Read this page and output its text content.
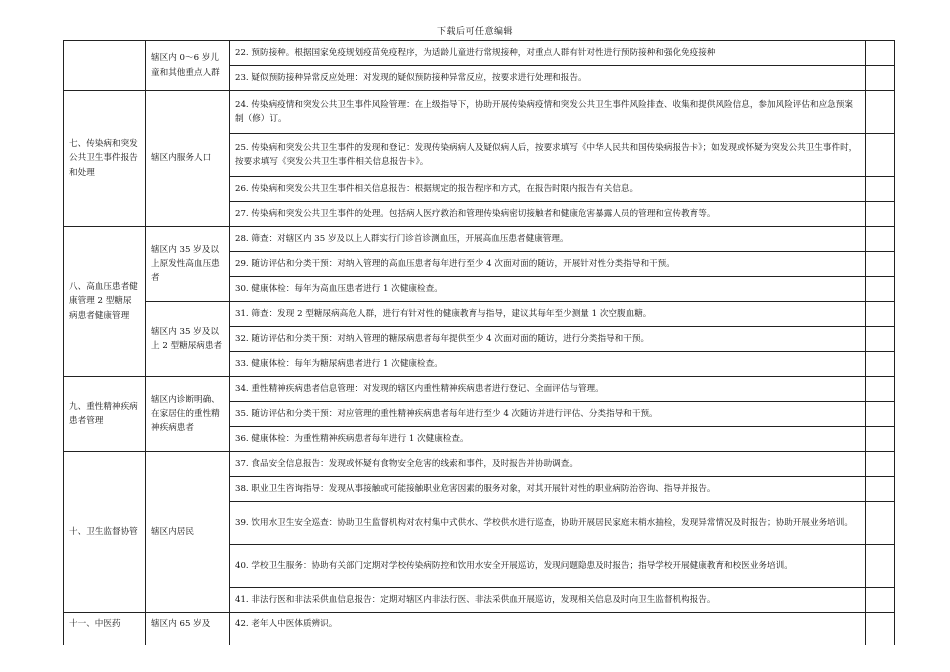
下载后可任意编辑
	辖区内 0～6 岁儿童和其他重点人群	22. 预防接种。根据国家免疫规划疫苗免疫程序，为适龄儿童进行常规接种，对重点人群有针对性进行预防接种和强化免疫接种	
		23. 疑似预防接种异常反应处理：对发现的疑似预防接种异常反应，按要求进行处理和报告。	
七、传染病和突发公共卫生事件报告和处理	辖区内服务人口	24. 传染病疫情和突发公共卫生事件风险管理：在上级指导下，协助开展传染病疫情和突发公共卫生事件风险排查、收集和提供风险信息，参加风险评估和应急预案制（修）订。	
		25. 传染病和突发公共卫生事件的发现和登记：发现传染病病人及疑似病人后，按要求填写《中华人民共和国传染病报告卡》；如发现或怀疑为突发公共卫生事件时，按要求填写《突发公共卫生事件相关信息报告卡》。	
		26. 传染病和突发公共卫生事件相关信息报告：根据规定的报告程序和方式，在报告时限内报告有关信息。	
		27. 传染病和突发公共卫生事件的处理。包括病人医疗救治和管理传染病密切接触者和健康危害暴露人员的管理和宣传教育等。	
八、高血压患者健康管理 2 型糖尿病患者健康管理	辖区内 35 岁及以上原发性高血压患者	28. 筛查：对辖区内 35 岁及以上人群实行门诊首诊测血压，开展高血压患者健康管理。	
		29. 随访评估和分类干预：对纳入管理的高血压患者每年进行至少 4 次面对面的随访，开展针对性分类指导和干预。	
		30. 健康体检：每年为高血压患者进行 1 次健康检查。	
	辖区内 35 岁及以上 2 型糖尿病患者	31. 筛查：发现 2 型糖尿病高危人群，进行有针对性的健康教育与指导，建议其每年至少测量 1 次空腹血糖。	
		32. 随访评估和分类干预：对纳入管理的糖尿病患者每年提供至少 4 次面对面的随访，进行分类指导和干预。	
		33. 健康体检：每年为糖尿病患者进行 1 次健康检查。	
九、重性精神疾病患者管理	辖区内诊断明确、在家居住的重性精神疾病患者	34. 重性精神疾病患者信息管理：对发现的辖区内重性精神疾病患者进行登记、全面评估与管理。	
		35. 随访评估和分类干预：对应管理的重性精神疾病患者每年进行至少 4 次随访并进行评估、分类指导和干预。	
		36. 健康体检：为重性精神疾病患者每年进行 1 次健康检查。	
十、卫生监督协管	辖区内居民	37. 食品安全信息报告：发现或怀疑有食物安全危害的线索和事件，及时报告并协助调查。	
		38. 职业卫生咨询指导：发现从事接触或可能接触职业危害因素的服务对象，对其开展针对性的职业病防治咨询、指导并报告。	
		39. 饮用水卫生安全巡查：协助卫生监督机构对农村集中式供水、学校供水进行巡查，协助开展居民家庭末梢水抽检，发现异常情况及时报告；协助开展业务培训。	
		40. 学校卫生服务：协助有关部门定期对学校传染病防控和饮用水安全开展巡访，发现问题隐患及时报告；指导学校开展健康教育和校医业务培训。	
		41. 非法行医和非法采供血信息报告：定期对辖区内非法行医、非法采供血开展巡访，发现相关信息及时向卫生监督机构报告。	
十一、中医药	辖区内 65 岁及	42. 老年人中医体质辨识。	
